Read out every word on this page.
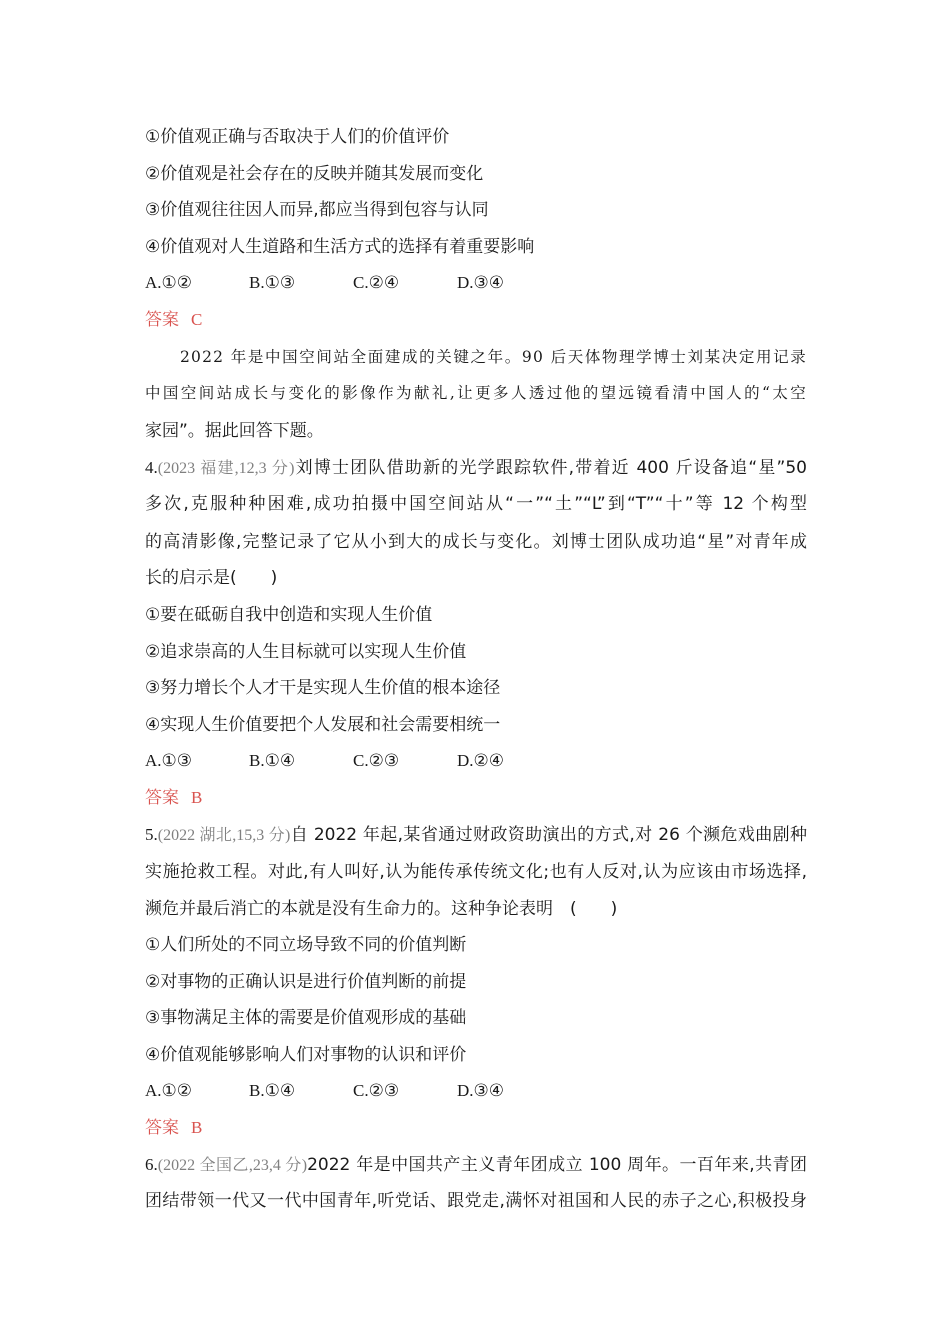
①价值观正确与否取决于人们的价值评价
②价值观是社会存在的反映并随其发展而变化
③价值观往往因人而异,都应当得到包容与认同
④价值观对人生道路和生活方式的选择有着重要影响
A.①②	B.①③	C.②④	D.③④
答案 C
2022 年是中国空间站全面建成的关键之年。90 后天体物理学博士刘某决定用记录
中国空间站成长与变化的影像作为献礼,让更多人透过他的望远镜看清中国人的“太空
家园”。据此回答下题。
4.(2023 福建,12,3 分)刘博士团队借助新的光学跟踪软件,带着近 400 斤设备追“星”50
多次,克服种种困难,成功拍摄中国空间站从“一”“土”“L”到“T”“十”等 12 个构型
的高清影像,完整记录了它从小到大的成长与变化。刘博士团队成功追“星”对青年成
长的启示是(　　)
①要在砥砺自我中创造和实现人生价值
②追求崇高的人生目标就可以实现人生价值
③努力增长个人才干是实现人生价值的根本途径
④实现人生价值要把个人发展和社会需要相统一
A.①③	B.①④	C.②③	D.②④
答案 B
5.(2022 湖北,15,3 分)自 2022 年起,某省通过财政资助演出的方式,对 26 个濒危戏曲剧种
实施抢救工程。对此,有人叫好,认为能传承传统文化;也有人反对,认为应该由市场选择,
濒危并最后消亡的本就是没有生命力的。这种争论表明　(　　)
①人们所处的不同立场导致不同的价值判断
②对事物的正确认识是进行价值判断的前提
③事物满足主体的需要是价值观形成的基础
④价值观能够影响人们对事物的认识和评价
A.①②	B.①④	C.②③	D.③④
答案 B
6.(2022 全国乙,23,4 分)2022 年是中国共产主义青年团成立 100 周年。一百年来,共青团
团结带领一代又一代中国青年,听党话、跟党走,满怀对祖国和人民的赤子之心,积极投身
